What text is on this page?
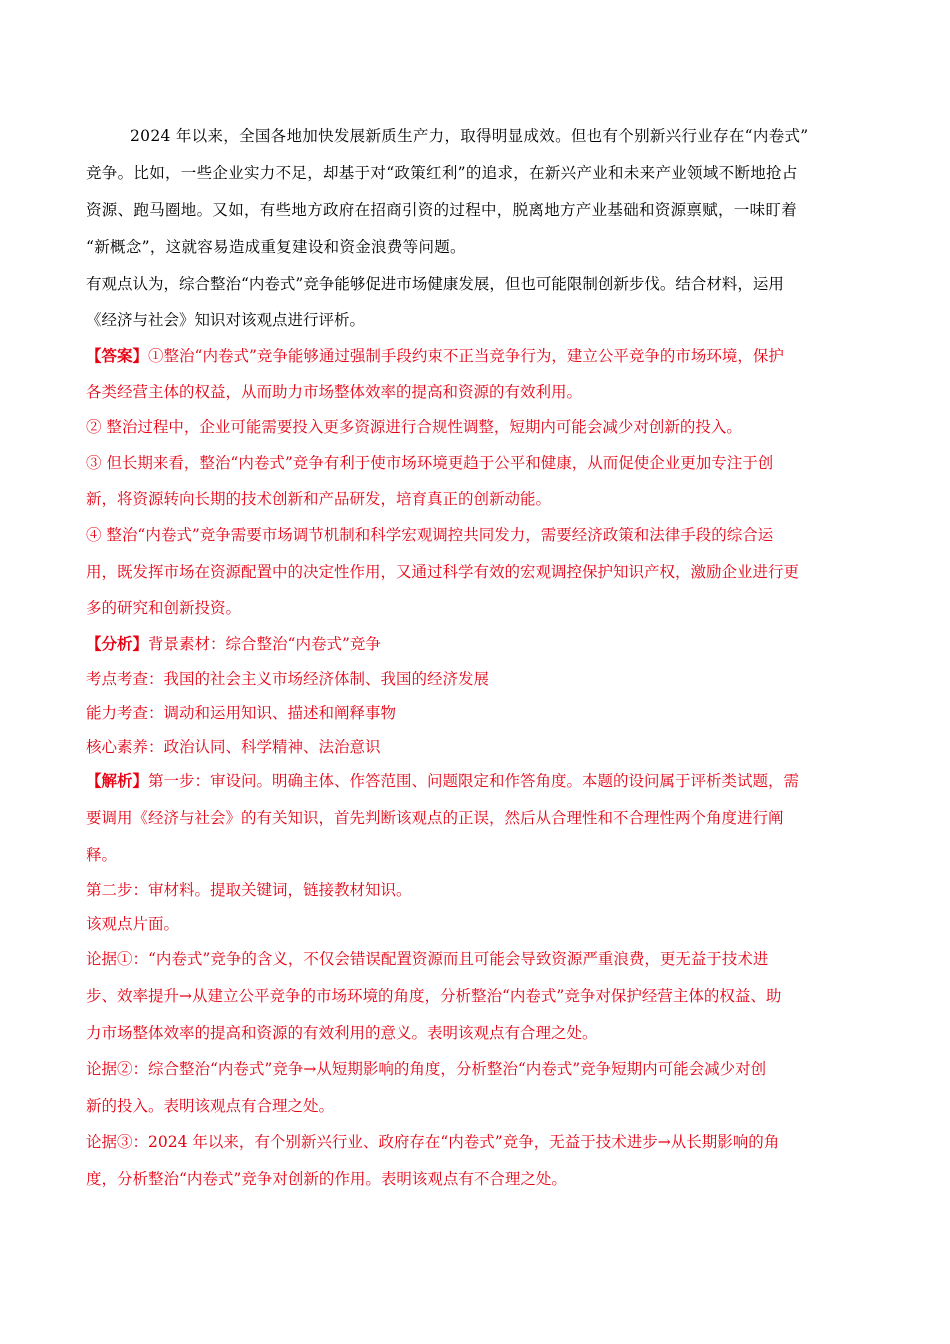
2024 年以来，全国各地加快发展新质生产力，取得明显成效。但也有个别新兴行业存在“内卷式”
竞争。比如，一些企业实力不足，却基于对“政策红利”的追求，在新兴产业和未来产业领域不断地抢占
资源、跑马圈地。又如，有些地方政府在招商引资的过程中，脱离地方产业基础和资源禀赋，一味盯着
“新概念”，这就容易造成重复建设和资金浪费等问题。
有观点认为，综合整治“内卷式”竞争能够促进市场健康发展，但也可能限制创新步伐。结合材料，运用
《经济与社会》知识对该观点进行评析。
【答案】①整治“内卷式”竞争能够通过强制手段约束不正当竞争行为，建立公平竞争的市场环境，保护
各类经营主体的权益，从而助力市场整体效率的提高和资源的有效利用。
② 整治过程中，企业可能需要投入更多资源进行合规性调整，短期内可能会减少对创新的投入。
③ 但长期来看，整治“内卷式”竞争有利于使市场环境更趋于公平和健康，从而促使企业更加专注于创
新，将资源转向长期的技术创新和产品研发，培育真正的创新动能。
④ 整治“内卷式”竞争需要市场调节机制和科学宏观调控共同发力，需要经济政策和法律手段的综合运
用，既发挥市场在资源配置中的决定性作用，又通过科学有效的宏观调控保护知识产权，激励企业进行更
多的研究和创新投资。
【分析】背景素材：综合整治“内卷式”竞争
考点考查：我国的社会主义市场经济体制、我国的经济发展
能力考查：调动和运用知识、描述和阐释事物
核心素养：政治认同、科学精神、法治意识
【解析】第一步：审设问。明确主体、作答范围、问题限定和作答角度。本题的设问属于评析类试题，需
要调用《经济与社会》的有关知识，首先判断该观点的正误，然后从合理性和不合理性两个角度进行阐
释。
第二步：审材料。提取关键词，链接教材知识。
该观点片面。
论据①：“内卷式”竞争的含义，不仅会错误配置资源而且可能会导致资源严重浪费，更无益于技术进
步、效率提升→从建立公平竞争的市场环境的角度，分析整治“内卷式”竞争对保护经营主体的权益、助
力市场整体效率的提高和资源的有效利用的意义。表明该观点有合理之处。
论据②：综合整治“内卷式”竞争→从短期影响的角度，分析整治“内卷式”竞争短期内可能会减少对创
新的投入。表明该观点有合理之处。
论据③：2024 年以来，有个别新兴行业、政府存在“内卷式”竞争，无益于技术进步→从长期影响的角
度，分析整治“内卷式”竞争对创新的作用。表明该观点有不合理之处。
